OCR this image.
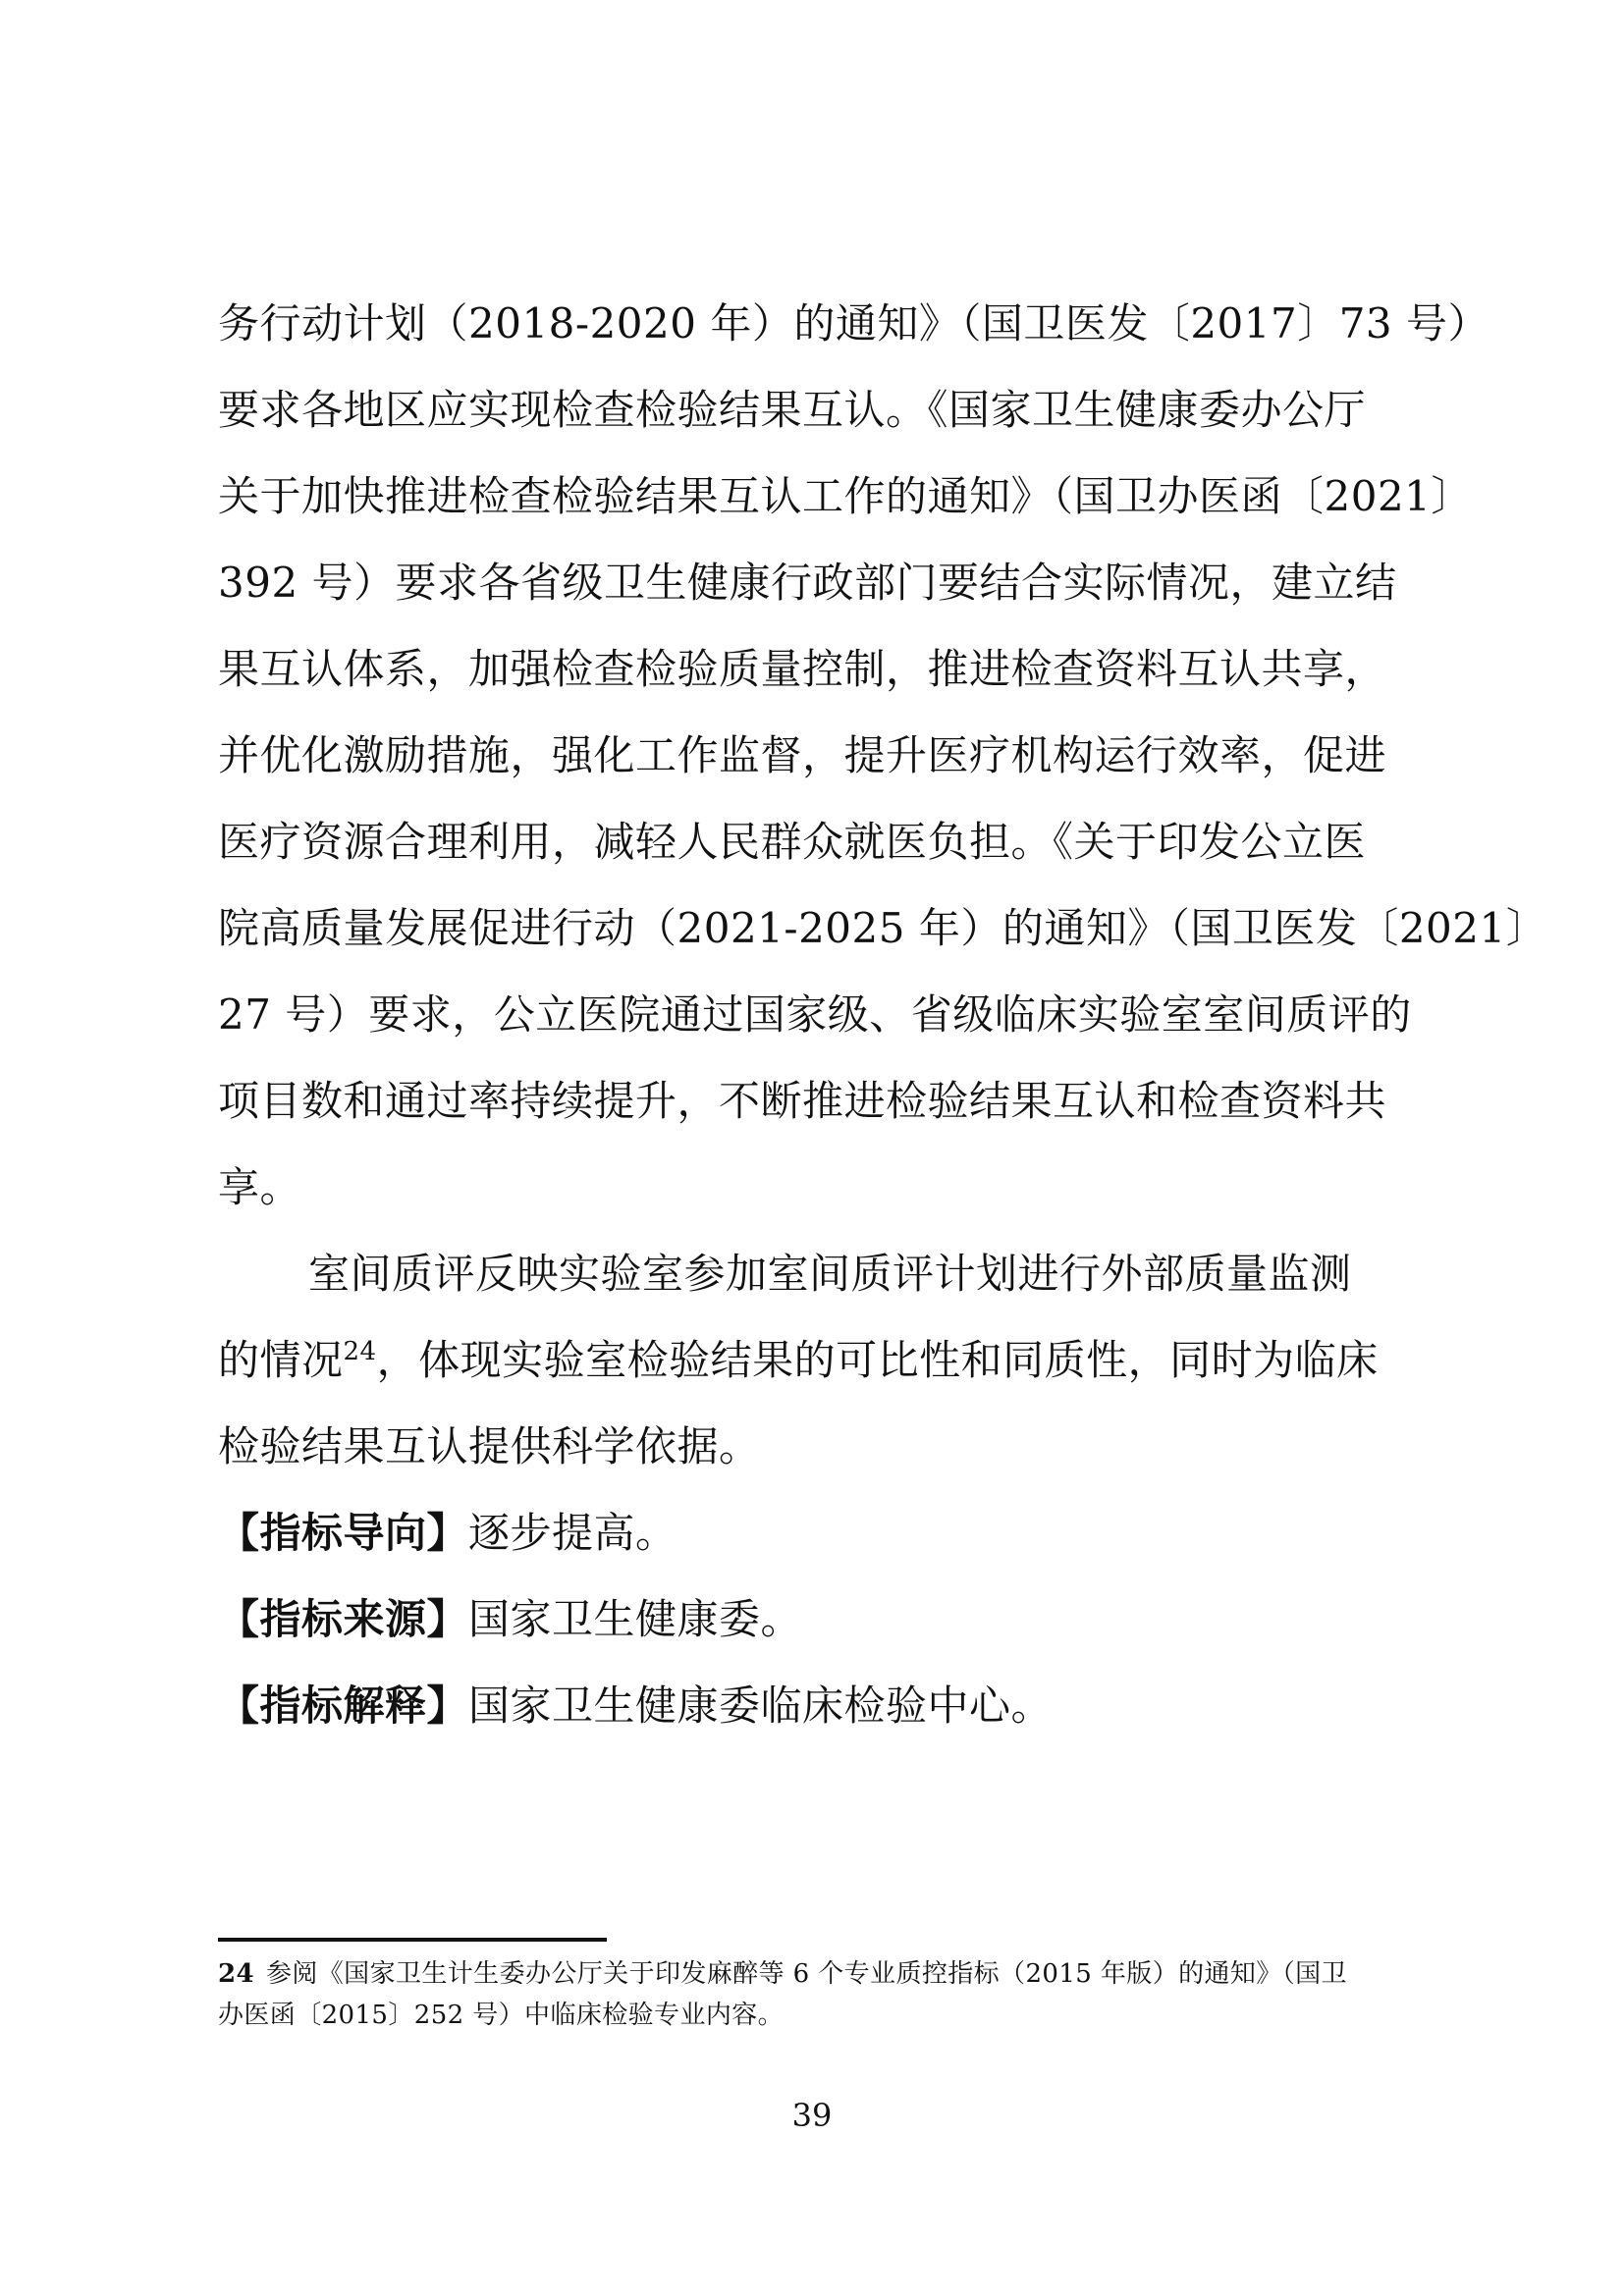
务行动计划（2018-2020 年）的通知》（国卫医发〔2017〕73 号）
要求各地区应实现检查检验结果互认。《国家卫生健康委办公厅
关于加快推进检查检验结果互认工作的通知》（国卫办医函〔2021〕
392 号）要求各省级卫生健康行政部门要结合实际情况，建立结
果互认体系，加强检查检验质量控制，推进检查资料互认共享，
并优化激励措施，强化工作监督，提升医疗机构运行效率，促进
医疗资源合理利用，减轻人民群众就医负担。《关于印发公立医
院高质量发展促进行动（2021-2025 年）的通知》（国卫医发〔2021〕
27 号）要求，公立医院通过国家级、省级临床实验室室间质评的
项目数和通过率持续提升，不断推进检验结果互认和检查资料共
享。
室间质评反映实验室参加室间质评计划进行外部质量监测
的情况$^{24}$，体现实验室检验结果的可比性和同质性，同时为临床
检验结果互认提供科学依据。
【指标导向】逐步提高。
【指标来源】国家卫生健康委。
【指标解释】国家卫生健康委临床检验中心。
24 参阅《国家卫生计生委办公厅关于印发麻醉等 6 个专业质控指标（2015 年版）的通知》（国卫
办医函〔2015〕252 号）中临床检验专业内容。
39
